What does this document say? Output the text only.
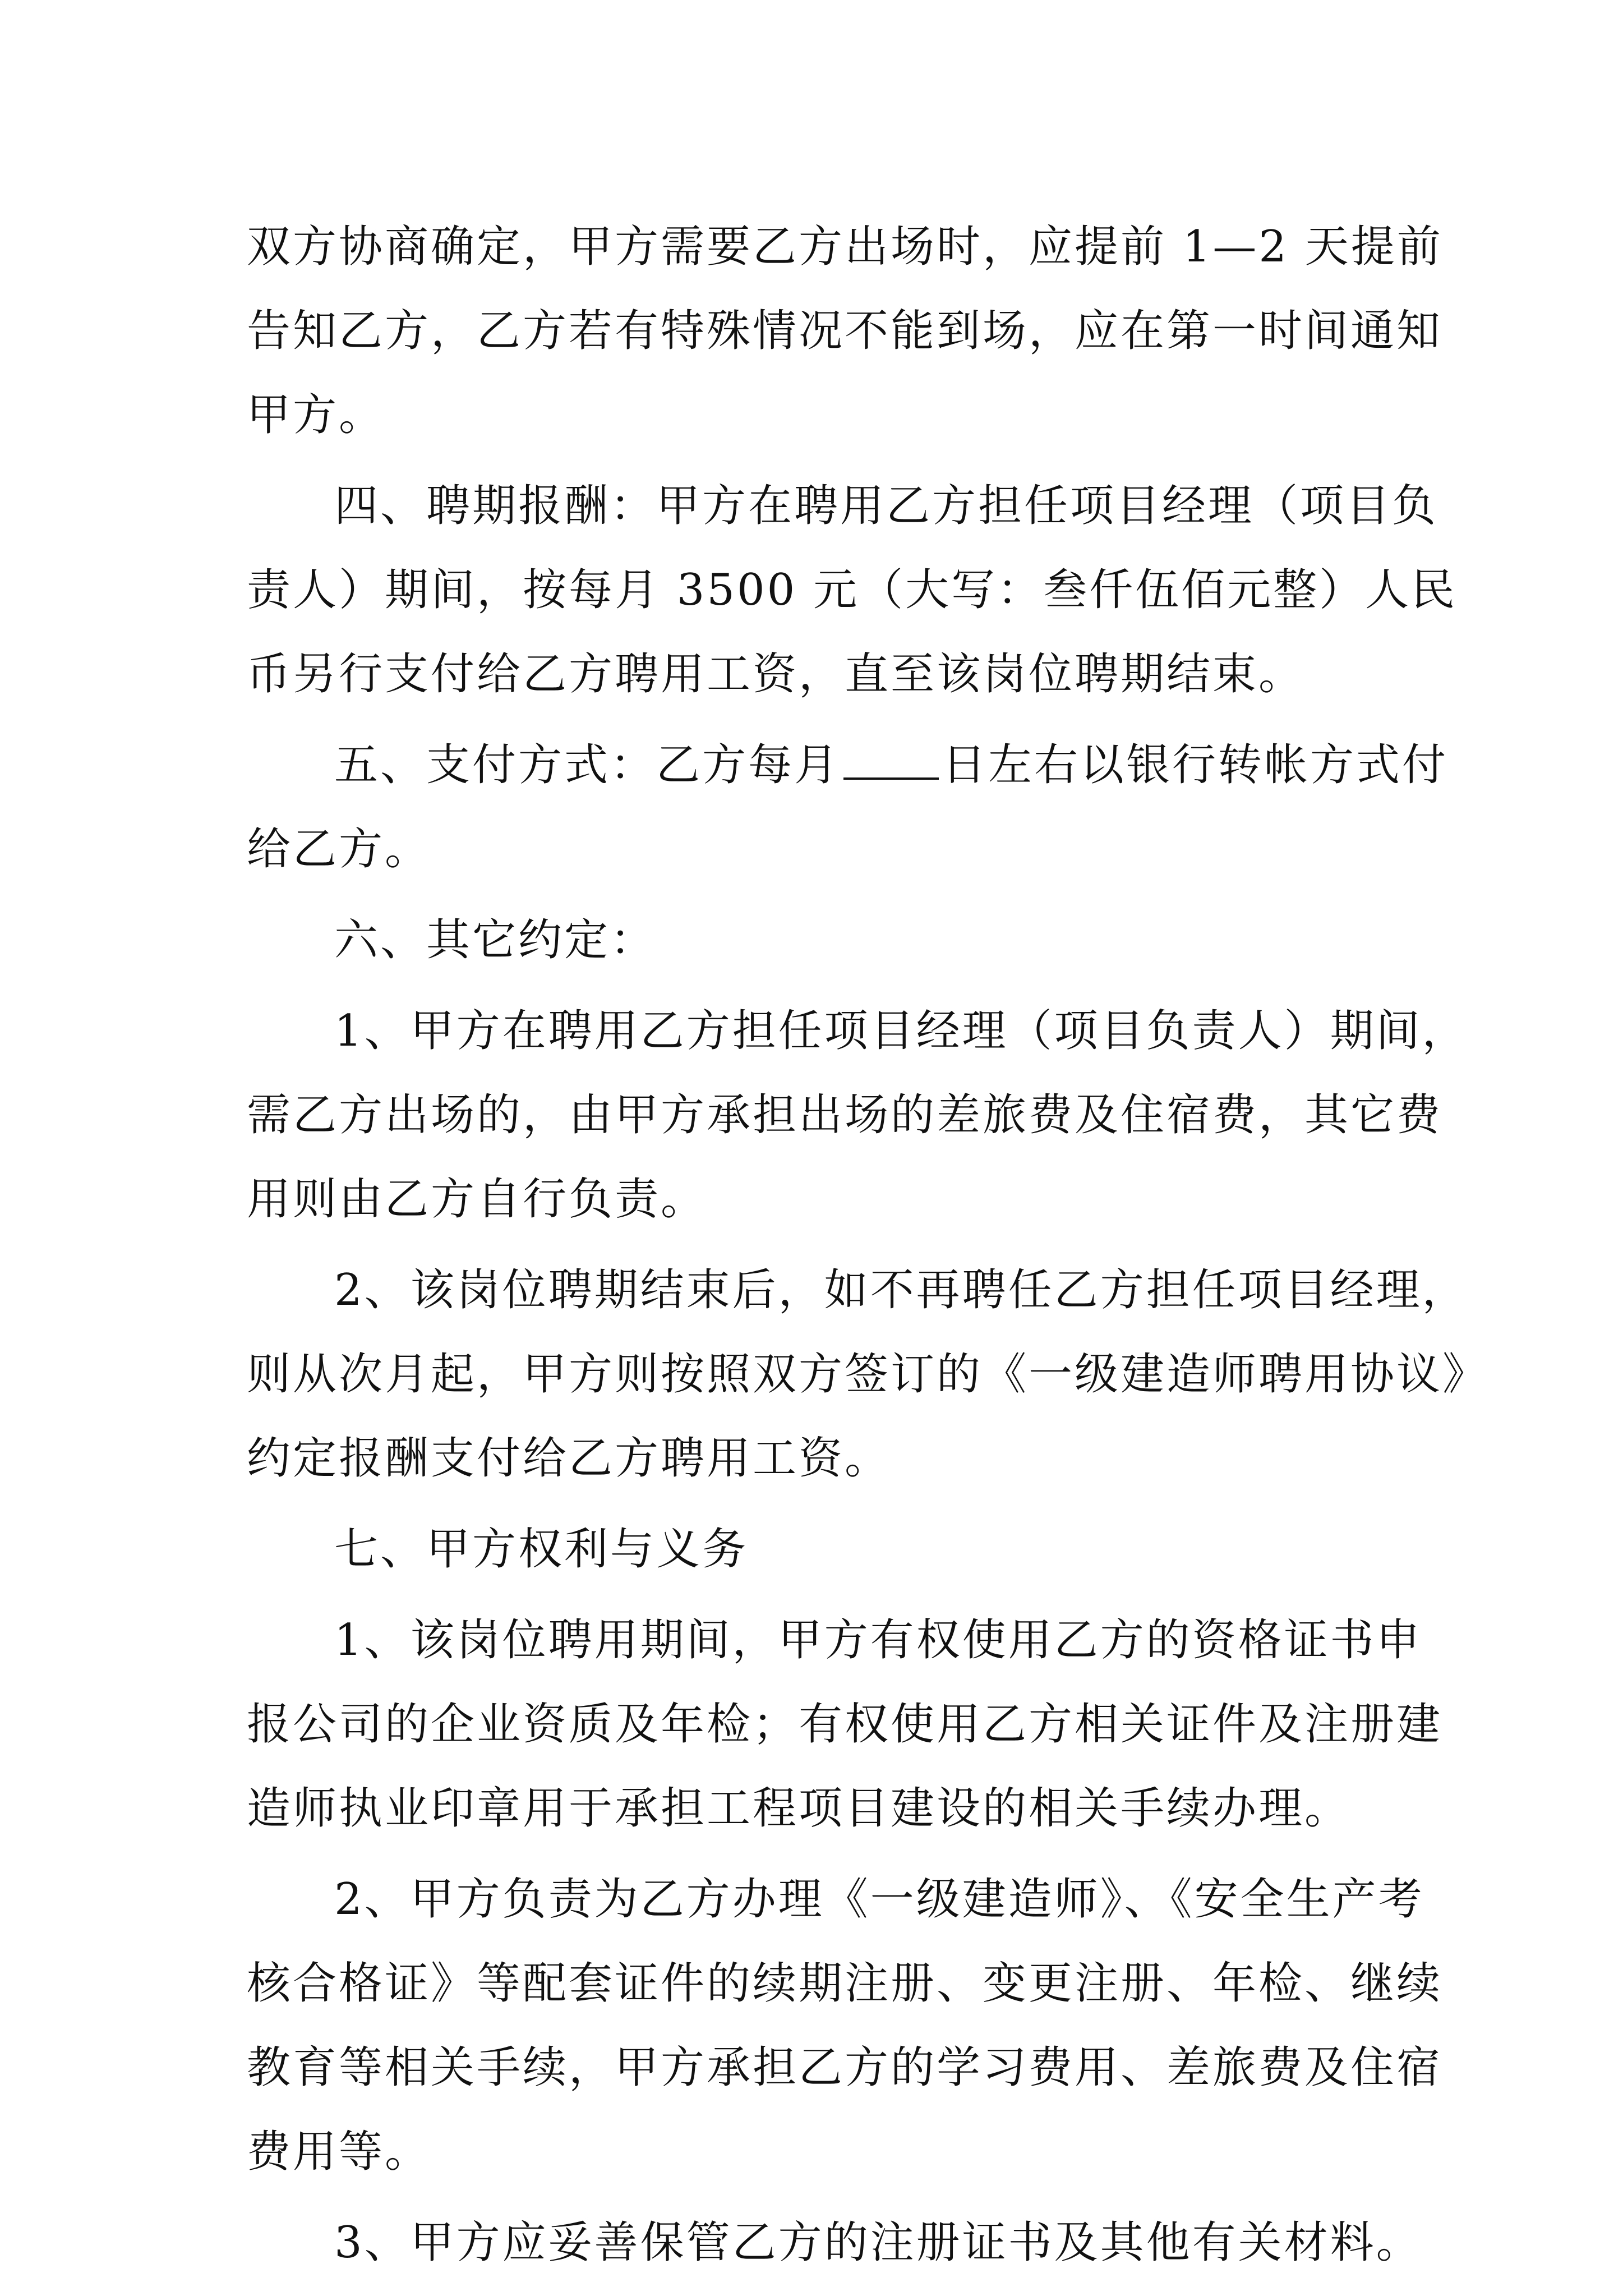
双方协商确定，甲方需要乙方出场时，应提前 1—2 天提前
告知乙方，乙方若有特殊情况不能到场，应在第一时间通知
甲方。
四、聘期报酬：甲方在聘用乙方担任项目经理（项目负
责人）期间，按每月 3500 元（大写：叁仟伍佰元整）人民
币另行支付给乙方聘用工资，直至该岗位聘期结束。
五、支付方式：乙方每月 日左右以银行转帐方式付
给乙方。
六、其它约定：
1、甲方在聘用乙方担任项目经理（项目负责人）期间，
需乙方出场的，由甲方承担出场的差旅费及住宿费，其它费
用则由乙方自行负责。
2、该岗位聘期结束后，如不再聘任乙方担任项目经理，
则从次月起，甲方则按照双方签订的《一级建造师聘用协议》
约定报酬支付给乙方聘用工资。
七、甲方权利与义务
1、该岗位聘用期间，甲方有权使用乙方的资格证书申
报公司的企业资质及年检；有权使用乙方相关证件及注册建
造师执业印章用于承担工程项目建设的相关手续办理。
2、甲方负责为乙方办理《一级建造师》、《安全生产考
核合格证》等配套证件的续期注册、变更注册、年检、继续
教育等相关手续，甲方承担乙方的学习费用、差旅费及住宿
费用等。
3、甲方应妥善保管乙方的注册证书及其他有关材料。
